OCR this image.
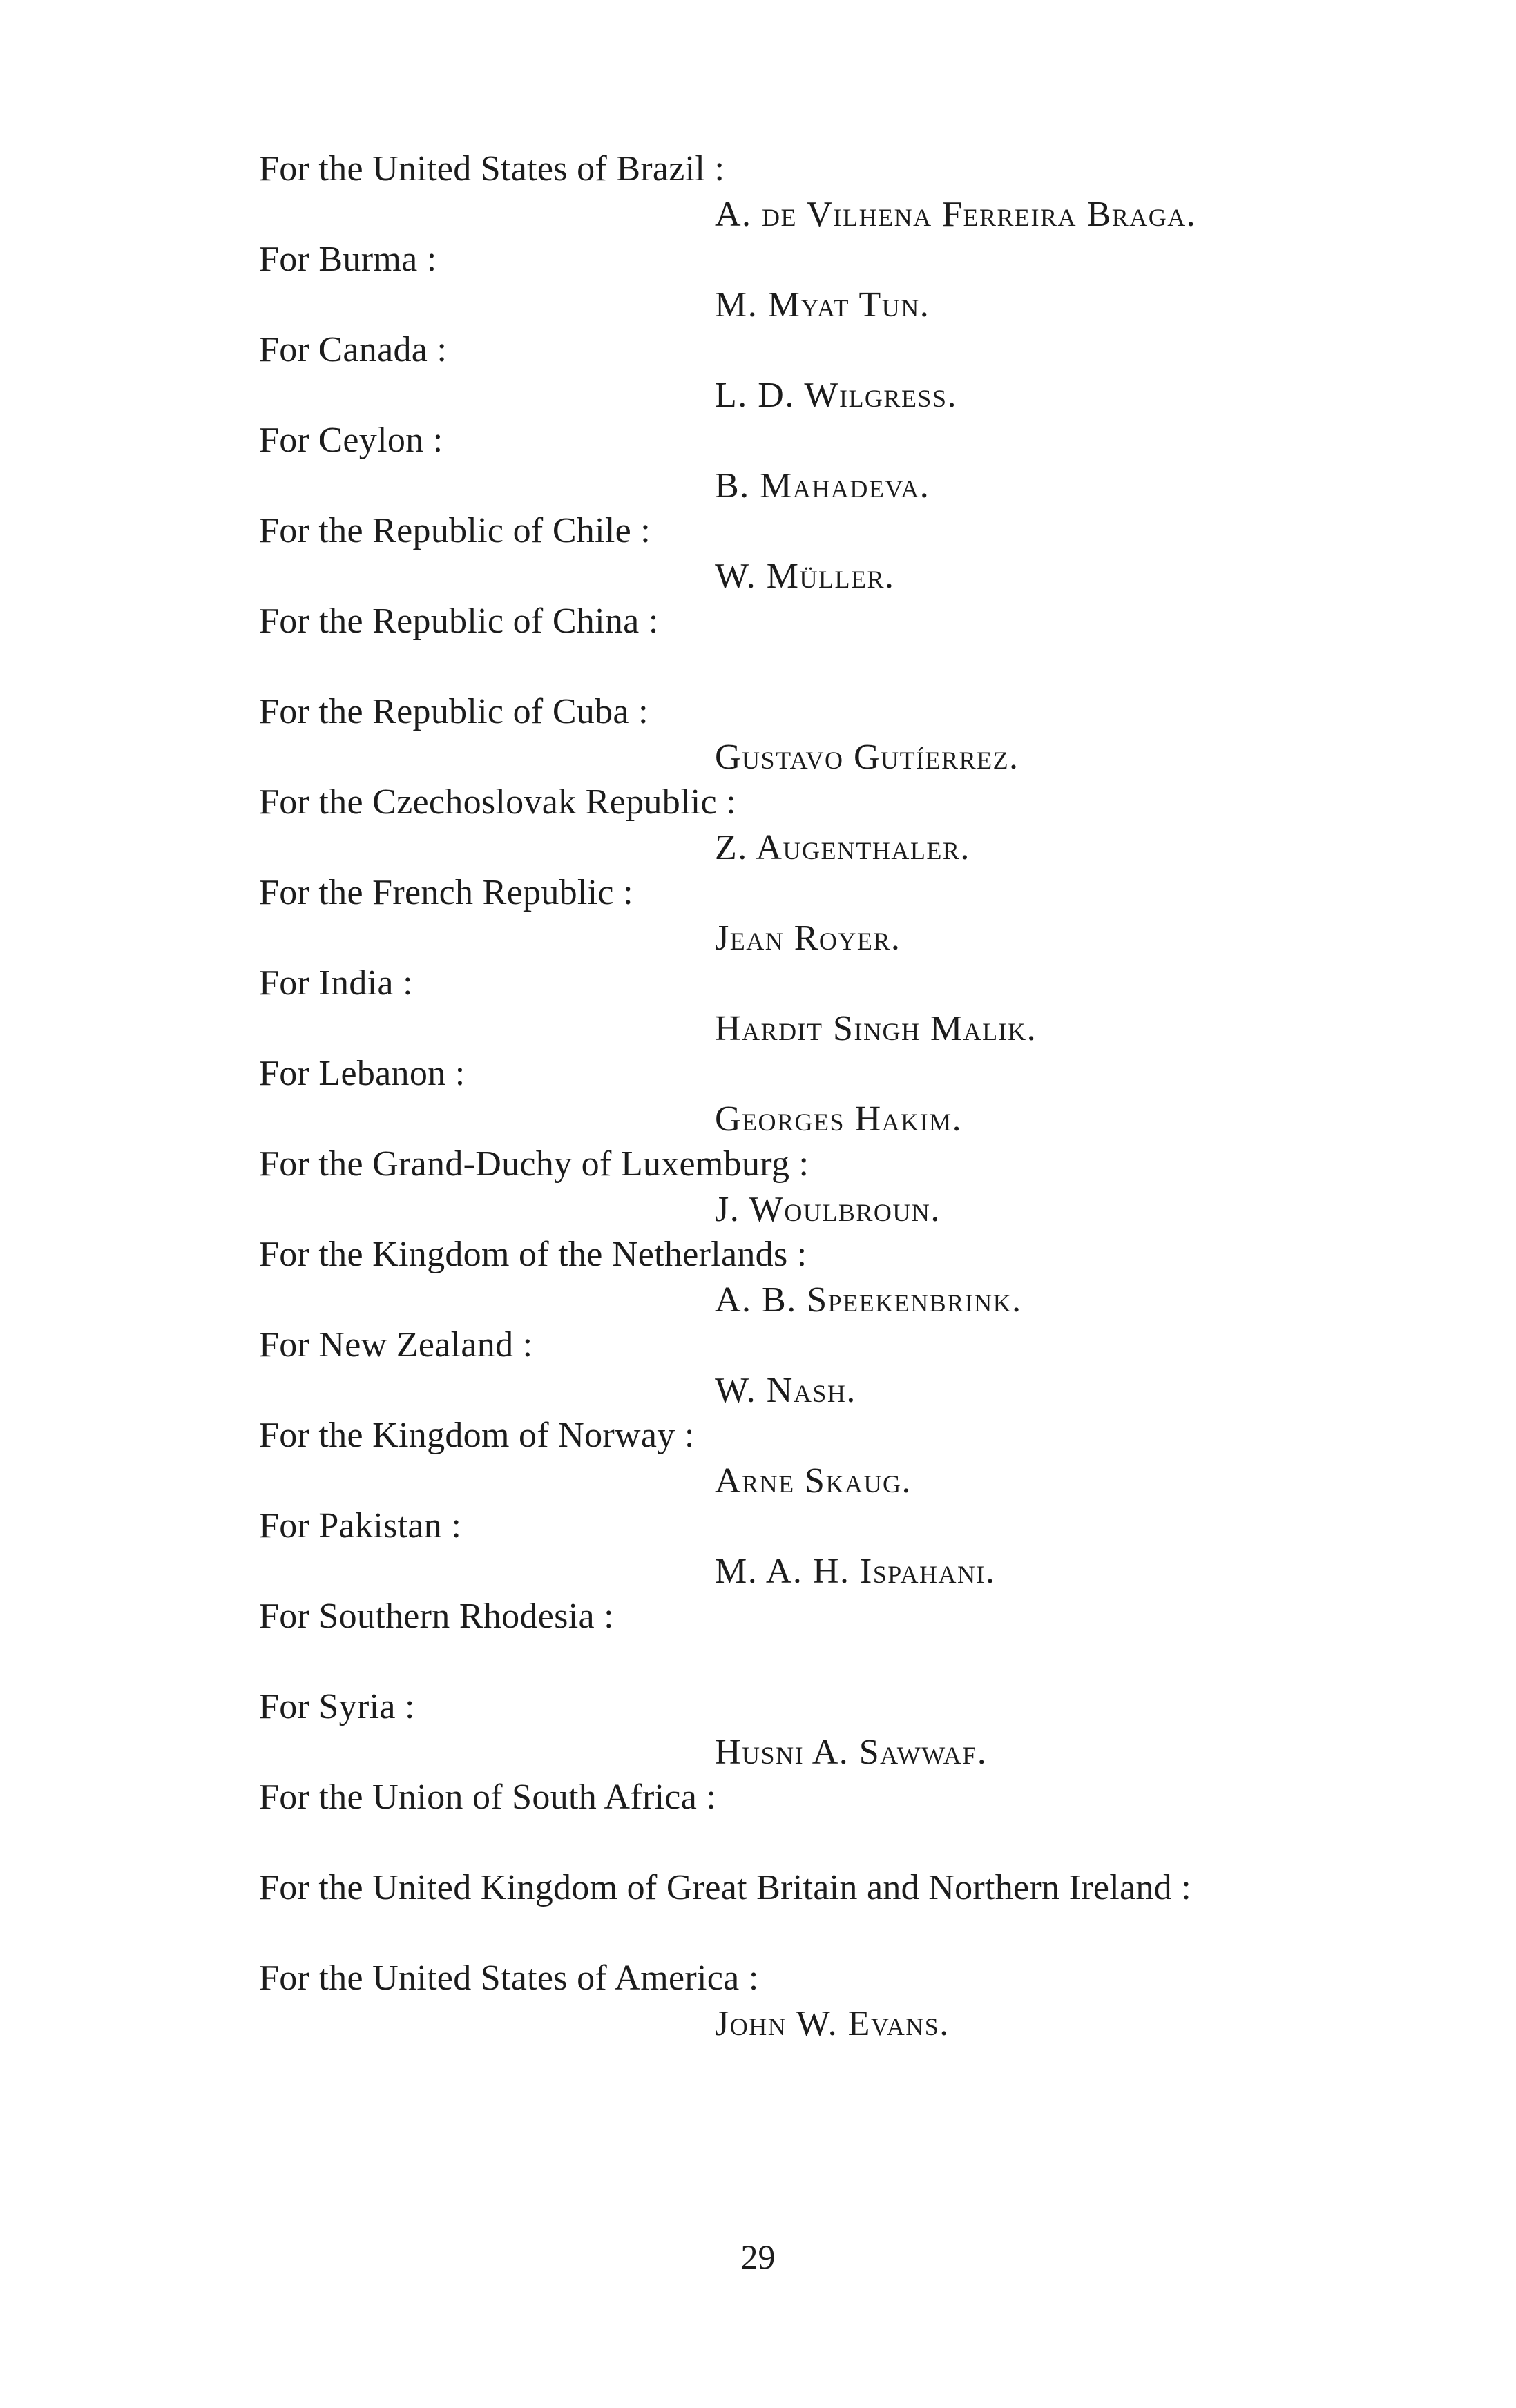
For the United States of Brazil :
A. de Vilhena Ferreira Braga.
For Burma :
M. Myat Tun.
For Canada :
L. D. Wilgress.
For Ceylon :
B. Mahadeva.
For the Republic of Chile :
W. Müller.
For the Republic of China :
For the Republic of Cuba :
Gustavo Gutíerrez.
For the Czechoslovak Republic :
Z. Augenthaler.
For the French Republic :
Jean Royer.
For India :
Hardit Singh Malik.
For Lebanon :
Georges Hakim.
For the Grand-Duchy of Luxemburg :
J. Woulbroun.
For the Kingdom of the Netherlands :
A. B. Speekenbrink.
For New Zealand :
W. Nash.
For the Kingdom of Norway :
Arne Skaug.
For Pakistan :
M. A. H. Ispahani.
For Southern Rhodesia :
For Syria :
Husni A. Sawwaf.
For the Union of South Africa :
For the United Kingdom of Great Britain and Northern Ireland :
For the United States of America :
John W. Evans.
29
